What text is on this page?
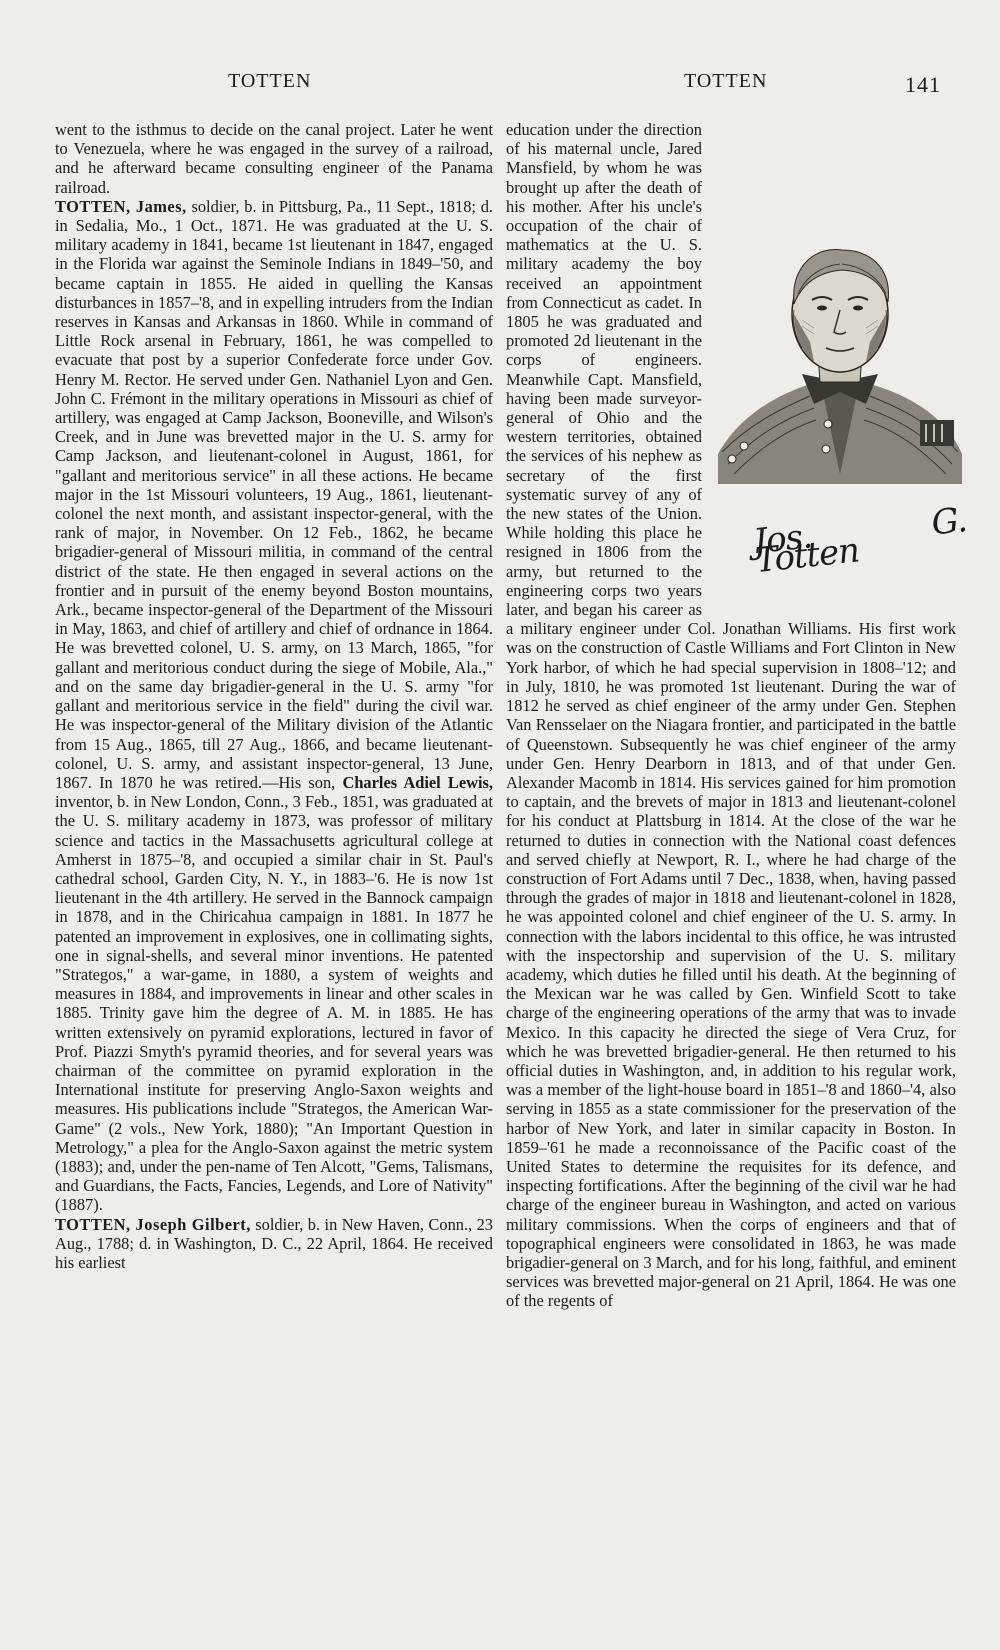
TOTTEN	TOTTEN	141

went to the isthmus to decide on the canal project. Later he went to Venezuela, where he was engaged in the survey of a railroad, and he afterward became consulting engineer of the Panama railroad.

TOTTEN, James, soldier, b. in Pittsburg, Pa., 11 Sept., 1818; d. in Sedalia, Mo., 1 Oct., 1871. He was graduated at the U. S. military academy in 1841, became 1st lieutenant in 1847, engaged in the Florida war against the Seminole Indians in 1849–'50, and became captain in 1855. He aided in quelling the Kansas disturbances in 1857–'8, and in expelling intruders from the Indian reserves in Kansas and Arkansas in 1860. While in command of Little Rock arsenal in February, 1861, he was compelled to evacuate that post by a superior Confederate force under Gov. Henry M. Rector. He served under Gen. Nathaniel Lyon and Gen. John C. Frémont in the military operations in Missouri as chief of artillery, was engaged at Camp Jackson, Booneville, and Wilson's Creek, and in June was brevetted major in the U. S. army for Camp Jackson, and lieutenant-colonel in August, 1861, for "gallant and meritorious service" in all these actions. He became major in the 1st Missouri volunteers, 19 Aug., 1861, lieutenant-colonel the next month, and assistant inspector-general, with the rank of major, in November. On 12 Feb., 1862, he became brigadier-general of Missouri militia, in command of the central district of the state. He then engaged in several actions on the frontier and in pursuit of the enemy beyond Boston mountains, Ark., became inspector-general of the Department of the Missouri in May, 1863, and chief of artillery and chief of ordnance in 1864. He was brevetted colonel, U. S. army, on 13 March, 1865, "for gallant and meritorious conduct during the siege of Mobile, Ala.," and on the same day brigadier-general in the U. S. army "for gallant and meritorious service in the field" during the civil war. He was inspector-general of the Military division of the Atlantic from 15 Aug., 1865, till 27 Aug., 1866, and became lieutenant-colonel, U. S. army, and assistant inspector-general, 13 June, 1867. In 1870 he was retired.—His son, Charles Adiel Lewis, inventor, b. in New London, Conn., 3 Feb., 1851, was graduated at the U. S. military academy in 1873, was professor of military science and tactics in the Massachusetts agricultural college at Amherst in 1875–'8, and occupied a similar chair in St. Paul's cathedral school, Garden City, N. Y., in 1883–'6. He is now 1st lieutenant in the 4th artillery. He served in the Bannock campaign in 1878, and in the Chiricahua campaign in 1881. In 1877 he patented an improvement in explosives, one in collimating sights, one in signal-shells, and several minor inventions. He patented "Strategos," a war-game, in 1880, a system of weights and measures in 1884, and improvements in linear and other scales in 1885. Trinity gave him the degree of A. M. in 1885. He has written extensively on pyramid explorations, lectured in favor of Prof. Piazzi Smyth's pyramid theories, and for several years was chairman of the committee on pyramid exploration in the International institute for preserving Anglo-Saxon weights and measures. His publications include "Strategos, the American War-Game" (2 vols., New York, 1880); "An Important Question in Metrology," a plea for the Anglo-Saxon against the metric system (1883); and, under the pen-name of Ten Alcott, "Gems, Talismans, and Guardians, the Facts, Fancies, Legends, and Lore of Nativity" (1887).

TOTTEN, Joseph Gilbert, soldier, b. in New Haven, Conn., 23 Aug., 1788; d. in Washington, D. C., 22 April, 1864. He received his earliest

Jos. G. Totten

education under the direction of his maternal uncle, Jared Mansfield, by whom he was brought up after the death of his mother. After his uncle's occupation of the chair of mathematics at the U. S. military academy the boy received an appointment from Connecticut as cadet. In 1805 he was graduated and promoted 2d lieutenant in the corps of engineers. Meanwhile Capt. Mansfield, having been made surveyor-general of Ohio and the western territories, obtained the services of his nephew as secretary of the first systematic survey of any of the new states of the Union. While holding this place he resigned in 1806 from the army, but returned to the engineering corps two years later, and began his career as a military engineer under Col. Jonathan Williams. His first work was on the construction of Castle Williams and Fort Clinton in New York harbor, of which he had special supervision in 1808–'12; and in July, 1810, he was promoted 1st lieutenant. During the war of 1812 he served as chief engineer of the army under Gen. Stephen Van Rensselaer on the Niagara frontier, and participated in the battle of Queenstown. Subsequently he was chief engineer of the army under Gen. Henry Dearborn in 1813, and of that under Gen. Alexander Macomb in 1814. His services gained for him promotion to captain, and the brevets of major in 1813 and lieutenant-colonel for his conduct at Plattsburg in 1814. At the close of the war he returned to duties in connection with the National coast defences and served chiefly at Newport, R. I., where he had charge of the construction of Fort Adams until 7 Dec., 1838, when, having passed through the grades of major in 1818 and lieutenant-colonel in 1828, he was appointed colonel and chief engineer of the U. S. army. In connection with the labors incidental to this office, he was intrusted with the inspectorship and supervision of the U. S. military academy, which duties he filled until his death. At the beginning of the Mexican war he was called by Gen. Winfield Scott to take charge of the engineering operations of the army that was to invade Mexico. In this capacity he directed the siege of Vera Cruz, for which he was brevetted brigadier-general. He then returned to his official duties in Washington, and, in addition to his regular work, was a member of the light-house board in 1851–'8 and 1860–'4, also serving in 1855 as a state commissioner for the preservation of the harbor of New York, and later in similar capacity in Boston. In 1859–'61 he made a reconnoissance of the Pacific coast of the United States to determine the requisites for its defence, and inspecting fortifications. After the beginning of the civil war he had charge of the engineer bureau in Washington, and acted on various military commissions. When the corps of engineers and that of topographical engineers were consolidated in 1863, he was made brigadier-general on 3 March, and for his long, faithful, and eminent services was brevetted major-general on 21 April, 1864. He was one of the regents of
